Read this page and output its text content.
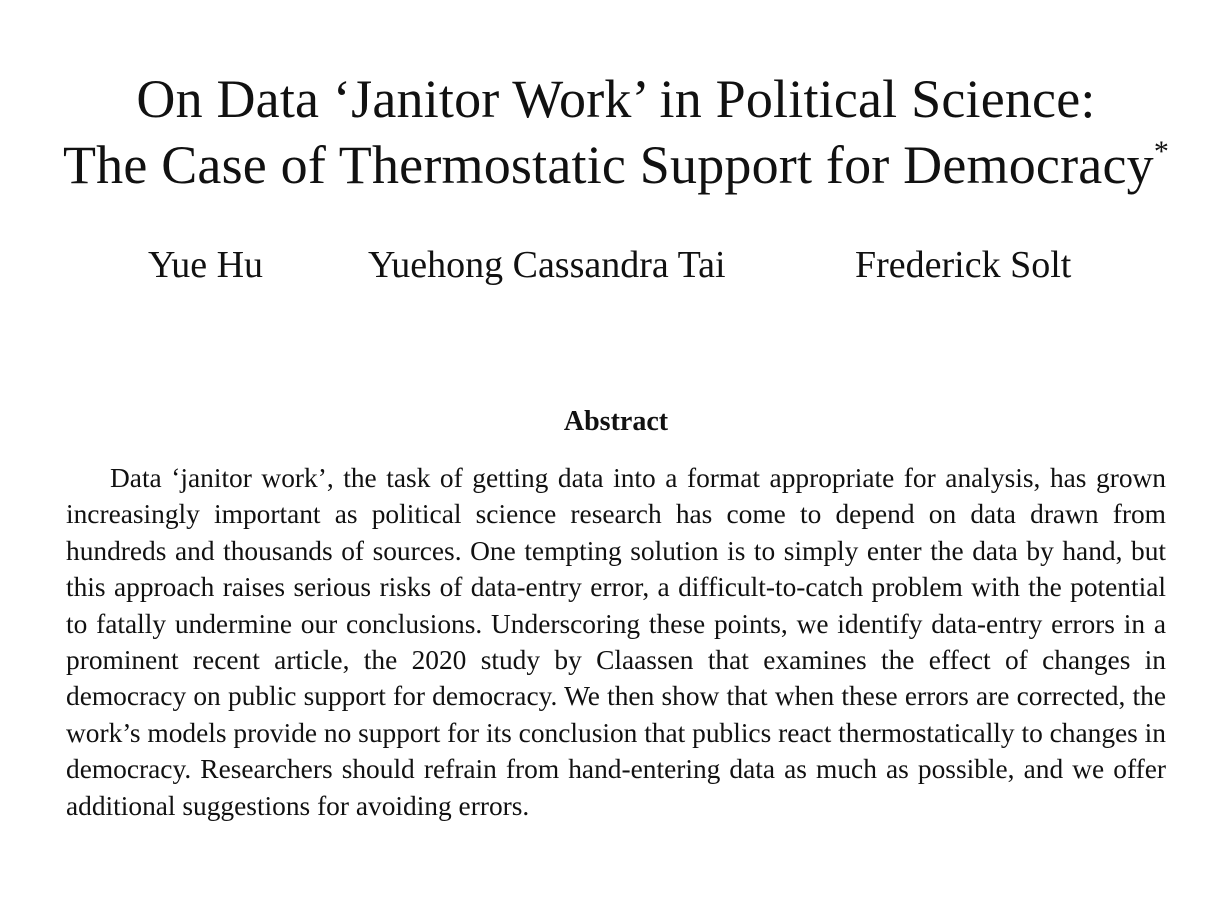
On Data ‘Janitor Work’ in Political Science:
The Case of Thermostatic Support for Democracy*
Yue Hu	Yuehong Cassandra Tai	Frederick Solt
Abstract

Data ‘janitor work’, the task of getting data into a format appropriate for analysis, has grown increasingly important as political science research has come to depend on data drawn from hundreds and thousands of sources. One tempting solution is to simply enter the data by hand, but this approach raises serious risks of data-entry error, a difficult-to-catch problem with the potential to fatally undermine our conclusions. Underscoring these points, we identify data-entry errors in a prominent recent article, the 2020 study by Claassen that examines the effect of changes in democracy on public support for democracy. We then show that when these errors are corrected, the work’s models provide no support for its conclusion that publics react thermostatically to changes in democracy. Researchers should refrain from hand-entering data as much as possible, and we offer additional suggestions for avoiding errors.
